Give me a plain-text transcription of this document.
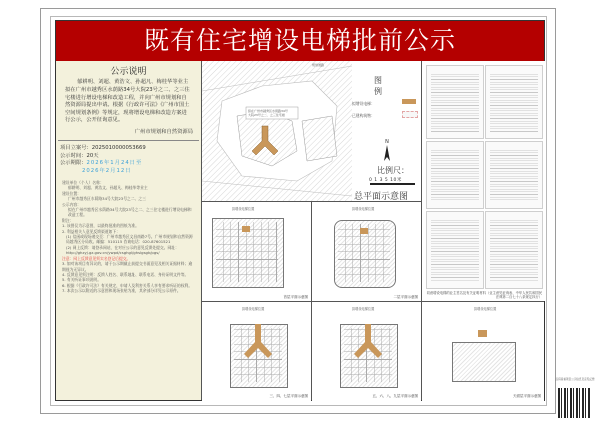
既有住宅增设电梯批前公示
公示说明
郁耕明、刘超、黄浩文、孙超凡、梅桂华等业主拟在广州市越秀区水荫路34号大院23号之二、之三住宅楼进行增设电梯和改造工程，并向广州市规划和自然资源局提出申请。根据《行政许可法》《广州市国土空间规划条例》等规定，现将增设电梯和改造方案进行公示，公开征询意见。
广州市规划和自然资源局
项目立案号：2025010000053669
公示时间：20天
公示期限：2026年1月24日至
2026年2月12日
建设单位（个人）名称：
郁耕明、刘超、黄浩文、孙超凡、梅桂华等业主
建设位置：
广州市越秀区水荫路34号大院23号之二、之三
公示内容：
拟在广州市越秀区水荫路34号大院23号之二、之三住宅楼进行增设电梯和改造工程。
附注：
1. 该图仅为示意图，以最终批准的图纸为准。
2. 利益相关人意见反馈渠道如下：
(1) 信函或现场递交至：广州市越秀区文昌南路7号。广州市规划和自然资源局越秀区分局收。邮编：510115 咨询电话：020-87601521
(2) 网上反馈：请登录网站，在对应公示的意见反馈处提交。网址：http://ghzyj.gz.gov.cn/ywpd/csghgl/ghslgsgk/pgs/
注意：网上反馈意见须实名登记后提交。
3. 如对该项目有异议的，请于公示期截止前提交书面意见及相关证据材料；逾期视为无异议。
4. 反馈意见须注明：反馈人姓名、联系地址、联系电话、身份证明文件等。
5. 有关听证事项说明。
6. 根据《行政许可法》有关规定，申请人及利害关系人享有要求听证的权利。
7. 本次公示以附近的示意图和现场张贴为准，其余部分详见公示原件。
拟在广州市越秀区水荫路34号
大院23号之二、之三住宅楼
规划道路
图 例
拟增设电梯：
已建构筑物：
N
比例尺：
0 1 3 5 10米
总平面示意图
同意增设电梯的业主签名及有关证明材料（业主意见征询表、中华人民共和国民法典第二百七十八条规定执行）
拟增设电梯位置
首层平面示意图
拟增设电梯位置
二层平面示意图
拟增设电梯位置
三、四、七层平面示意图
拟增设电梯位置
五、六、八、九层平面示意图
拟增设电梯位置
天面层平面示意图
扫码查看项目公示信息及意见反馈
